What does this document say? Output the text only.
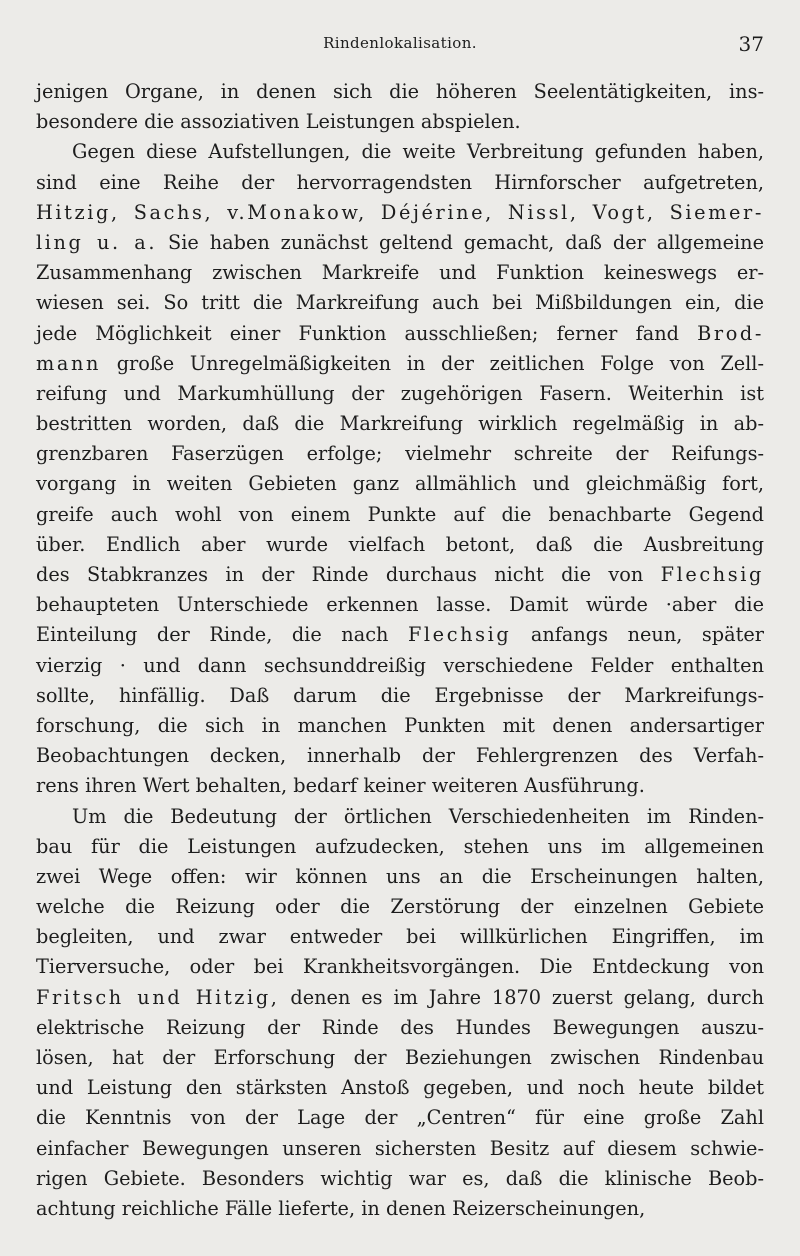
Rindenlokalisation.	37
jenigen Organe, in denen sich die höheren Seelentätigkeiten, ins-
besondere die assoziativen Leistungen abspielen.
Gegen diese Aufstellungen, die weite Verbreitung gefunden haben,
sind eine Reihe der hervorragendsten Hirnforscher aufgetreten,
Hitzig, Sachs, v.Monakow, Déjérine, Nissl, Vogt, Siemer-
ling u. a. Sie haben zunächst geltend gemacht, daß der allgemeine
Zusammenhang zwischen Markreife und Funktion keineswegs er-
wiesen sei. So tritt die Markreifung auch bei Mißbildungen ein, die
jede Möglichkeit einer Funktion ausschließen; ferner fand Brod-
mann große Unregelmäßigkeiten in der zeitlichen Folge von Zell-
reifung und Markumhüllung der zugehörigen Fasern. Weiterhin ist
bestritten worden, daß die Markreifung wirklich regelmäßig in ab-
grenzbaren Faserzügen erfolge; vielmehr schreite der Reifungs-
vorgang in weiten Gebieten ganz allmählich und gleichmäßig fort,
greife auch wohl von einem Punkte auf die benachbarte Gegend
über. Endlich aber wurde vielfach betont, daß die Ausbreitung
des Stabkranzes in der Rinde durchaus nicht die von Flechsig
behaupteten Unterschiede erkennen lasse. Damit würde ·aber die
Einteilung der Rinde, die nach Flechsig anfangs neun, später
vierzig · und dann sechsunddreißig verschiedene Felder enthalten
sollte, hinfällig. Daß darum die Ergebnisse der Markreifungs-
forschung, die sich in manchen Punkten mit denen andersartiger
Beobachtungen decken, innerhalb der Fehlergrenzen des Verfah-
rens ihren Wert behalten, bedarf keiner weiteren Ausführung.
Um die Bedeutung der örtlichen Verschiedenheiten im Rinden-
bau für die Leistungen aufzudecken, stehen uns im allgemeinen
zwei Wege offen: wir können uns an die Erscheinungen halten,
welche die Reizung oder die Zerstörung der einzelnen Gebiete
begleiten, und zwar entweder bei willkürlichen Eingriffen, im
Tierversuche, oder bei Krankheitsvorgängen. Die Entdeckung von
Fritsch und Hitzig, denen es im Jahre 1870 zuerst gelang, durch
elektrische Reizung der Rinde des Hundes Bewegungen auszu-
lösen, hat der Erforschung der Beziehungen zwischen Rindenbau
und Leistung den stärksten Anstoß gegeben, und noch heute bildet
die Kenntnis von der Lage der „Centren“ für eine große Zahl
einfacher Bewegungen unseren sichersten Besitz auf diesem schwie-
rigen Gebiete. Besonders wichtig war es, daß die klinische Beob-
achtung reichliche Fälle lieferte, in denen Reizerscheinungen,
